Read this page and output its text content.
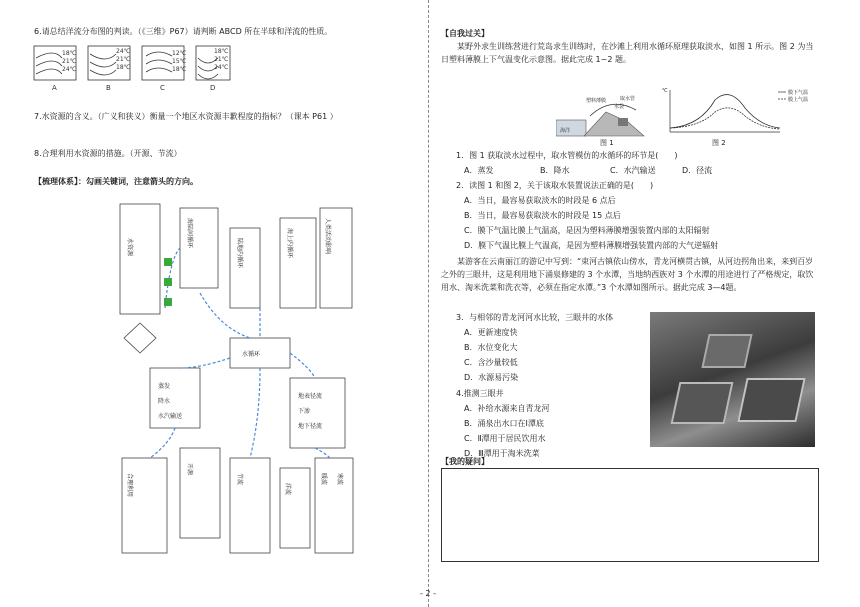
6.请总结洋流分布图的判读。（《三维》P67）请判断 ABCD 所在半球和洋流的性质。
18℃
21℃
24℃
24℃
21℃
18℃
12℃
15℃
18℃
18℃
21℃
24℃
A	B	C	D
7.水资源的含义。（广义和狭义）衡量一个地区水资源丰歉程度的指标？（课本 P61 ）
8.合理利用水资源的措施。（开源、节流）
【梳理体系】：勾画关键词，注意箭头的方向。
水资源	海陆间循环
陆地内循环	海上内循环	人类活动影响
水循环
蒸发
降水
水汽输送
地表径流
下渗
地下径流
合理利用
开源
节流
洋流
暖流 寒流
【自我过关】
某野外求生训练营进行荒岛求生训练时，在沙滩上利用水循环原理获取淡水，如图 1 所示。图 2 为当日塑料薄膜上下气温变化示意图。据此完成 1~2 题。
海洋
塑料薄膜	取水管
水袋
图 1
℃	膜下气温
膜上气温
图 2
1．图 1 获取淡水过程中，取水管模仿的水循环的环节是(　　)
A．蒸发	B．降水	C．水汽输送	D．径流
2．读图 1 和图 2，关于该取水装置说法正确的是(　　)
A．当日，最容易获取淡水的时段是 6 点后
B．当日，最容易获取淡水的时段是 15 点后
C．膜下气温比膜上气温高，是因为塑料薄膜增强装置内部的太阳辐射
D．膜下气温比膜上气温高，是因为塑料薄膜增强装置内部的大气逆辐射
某游客在云南丽江的游记中写到：“束河古镇依山傍水，青龙河横贯古镇，从河边拐角出来，来到百岁之外的三眼井，这是利用地下涌泉修建的 3 个水潭，当地纳西族对 3 个水潭的用途进行了严格规定，取饮用水、淘米洗菜和洗衣等，必须在指定水潭。”3 个水潭如图所示。据此完成 3—4题。
3．与相邻的青龙河河水比较，三眼井的水体
A．更新速度快
B．水位变化大
C．含沙量较低
D．水源易污染
4.推测三眼井
A．补给水源来自青龙河
B．涌泉出水口在Ⅰ潭底
C．Ⅱ潭用于居民饮用水
D．Ⅲ潭用于淘米洗菜
【我的疑问】
- 2 -
